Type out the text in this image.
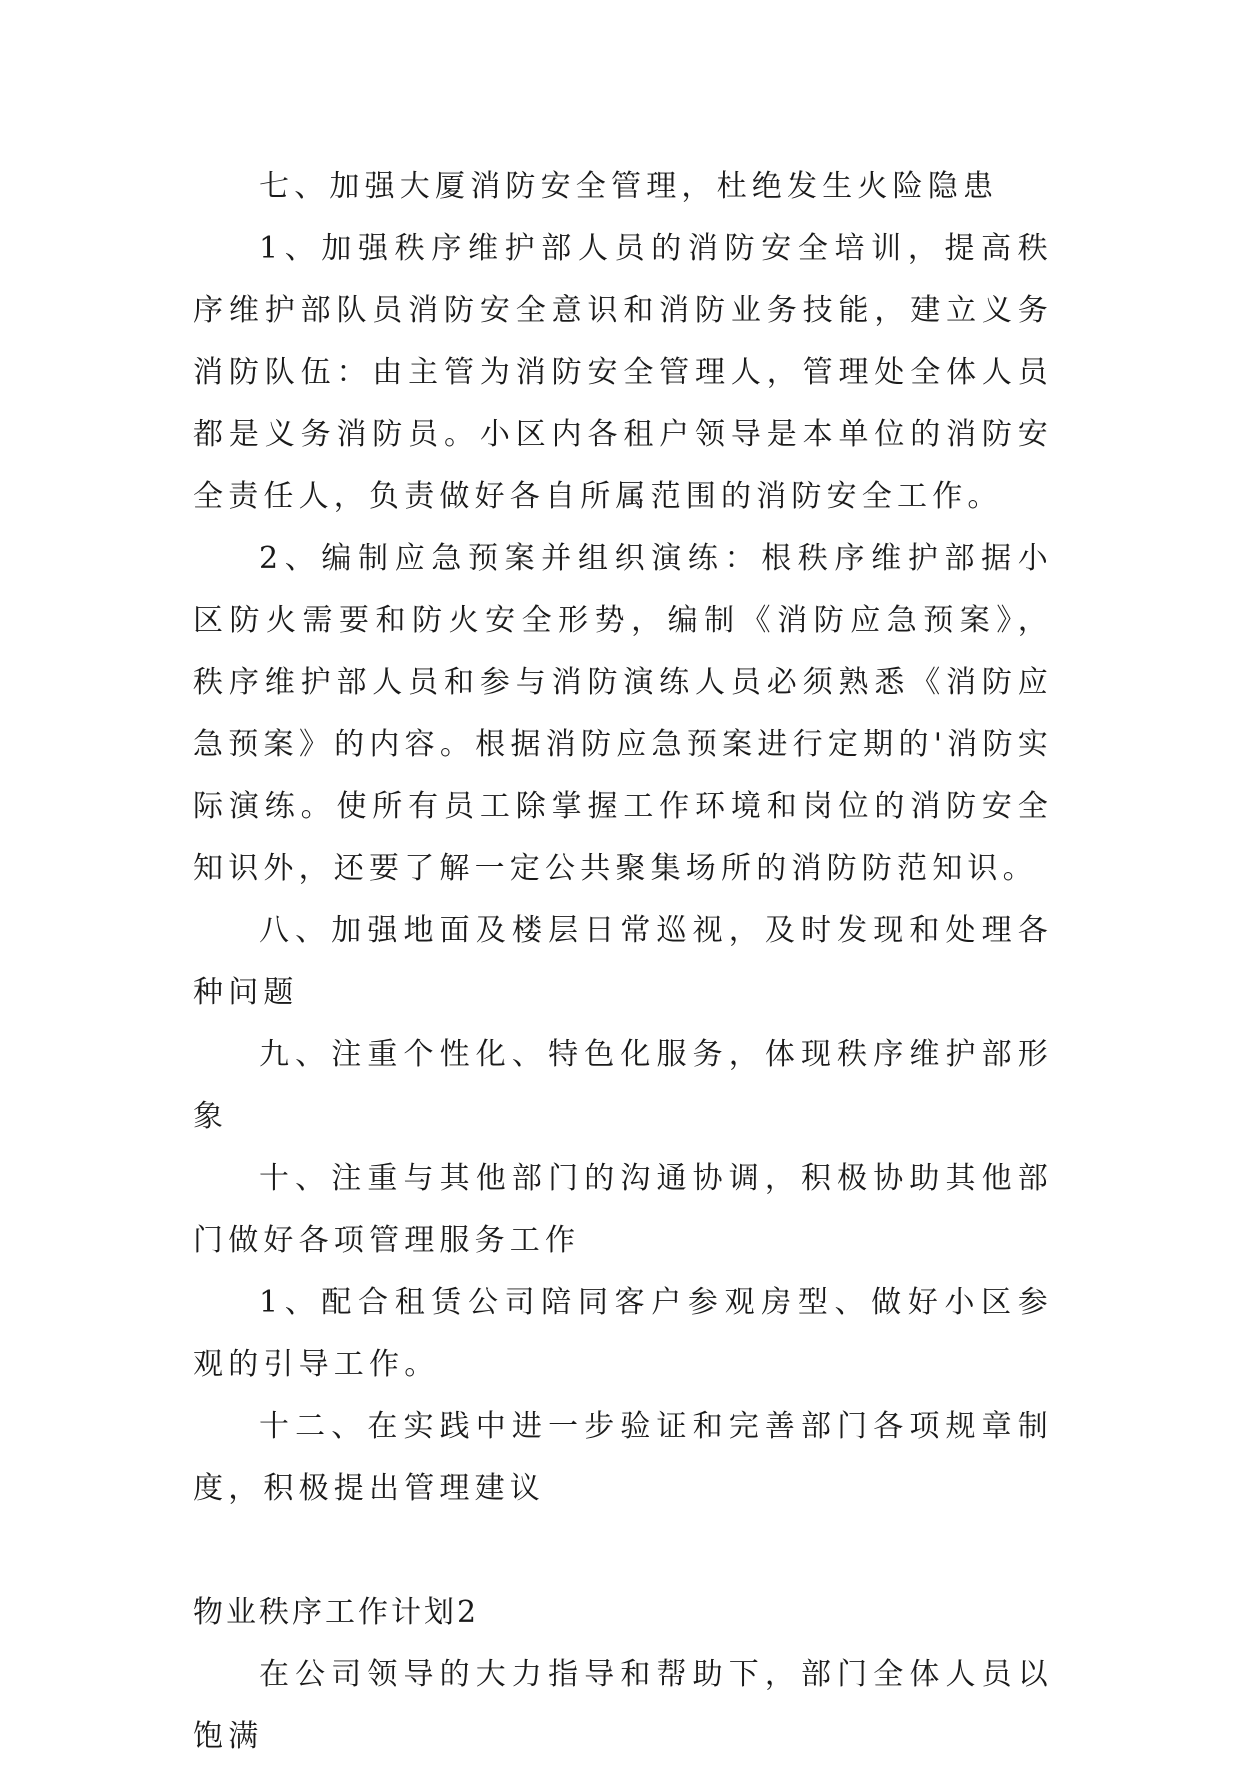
七、加强大厦消防安全管理，杜绝发生火险隐患

1、加强秩序维护部人员的消防安全培训，提高秩序维护部队员消防安全意识和消防业务技能，建立义务消防队伍：由主管为消防安全管理人，管理处全体人员都是义务消防员。小区内各租户领导是本单位的消防安全责任人，负责做好各自所属范围的消防安全工作。

2、编制应急预案并组织演练：根秩序维护部据小区防火需要和防火安全形势，编制《消防应急预案》，秩序维护部人员和参与消防演练人员必须熟悉《消防应急预案》的内容。根据消防应急预案进行定期的'消防实际演练。使所有员工除掌握工作环境和岗位的消防安全知识外，还要了解一定公共聚集场所的消防防范知识。

八、加强地面及楼层日常巡视，及时发现和处理各种问题

九、注重个性化、特色化服务，体现秩序维护部形象

十、注重与其他部门的沟通协调，积极协助其他部门做好各项管理服务工作

1、配合租赁公司陪同客户参观房型、做好小区参观的引导工作。

十二、在实践中进一步验证和完善部门各项规章制度，积极提出管理建议

物业秩序工作计划2

在公司领导的大力指导和帮助下，部门全体人员以饱满
